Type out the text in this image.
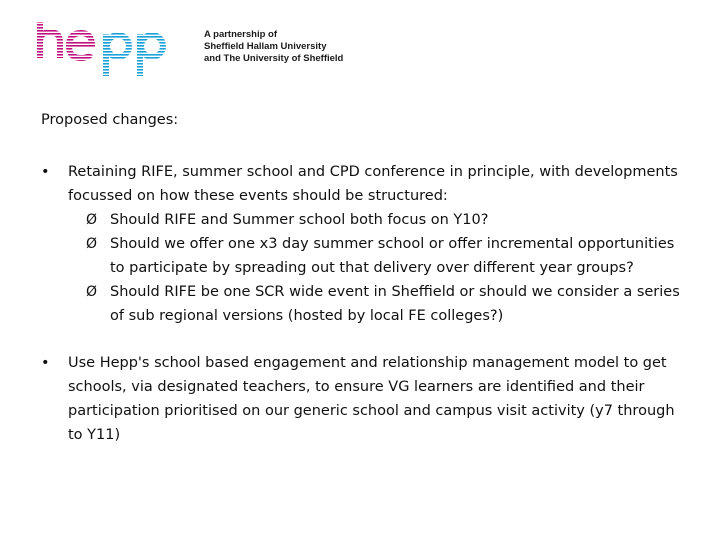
A partnership of
Sheffield Hallam University
and The University of Sheffield
Proposed changes:
•	Retaining RIFE, summer school and CPD conference in principle, with developments focussed on how these events should be structured:
Ø Should RIFE and Summer school both focus on Y10?
Ø Should we offer one x3 day summer school or offer incremental opportunities to participate by spreading out that delivery over different year groups?
Ø Should RIFE be one SCR wide event in Sheffield or should we consider a series of sub regional versions (hosted by local FE colleges?)
•	Use Hepp's school based engagement and relationship management model to get schools, via designated teachers, to ensure VG learners are identified and their participation prioritised on our generic school and campus visit activity (y7 through to Y11)
